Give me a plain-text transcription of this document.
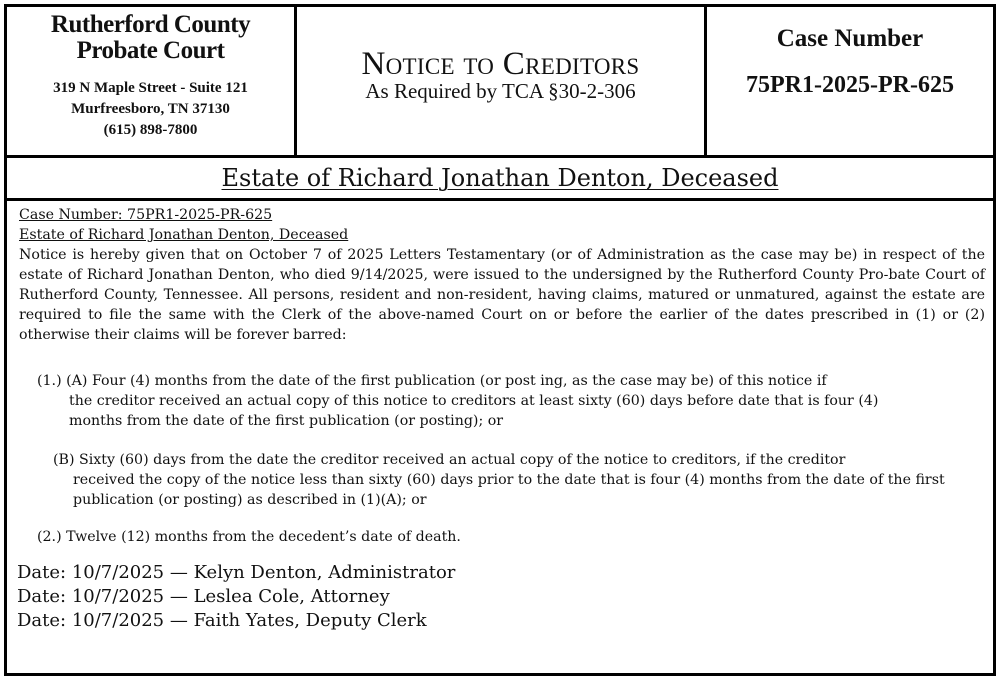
Rutherford County
Probate Court
319 N Maple Street - Suite 121
Murfreesboro, TN 37130
(615) 898-7800
Notice to Creditors
As Required by TCA §30-2-306
Case Number
75PR1-2025-PR-625
Estate of Richard Jonathan Denton, Deceased
Case Number: 75PR1-2025-PR-625
Estate of Richard Jonathan Denton, Deceased

Notice is hereby given that on October 7 of 2025 Letters Testamentary (or of Administration as the case may be) in respect of the estate of Richard Jonathan Denton, who died 9/14/2025, were issued to the undersigned by the Rutherford County Pro-bate Court of Rutherford County, Tennessee. All persons, resident and non-resident, having claims, matured or unmatured, against the estate are required to file the same with the Clerk of the above-named Court on or before the earlier of the dates prescribed in (1) or (2) otherwise their claims will be forever barred:

(1.) (A) Four (4) months from the date of the first publication (or post ing, as the case may be) of this notice if
the creditor received an actual copy of this notice to creditors at least sixty (60) days before date that is four (4) months from the date of the first publication (or posting); or
(B) Sixty (60) days from the date the creditor received an actual copy of the notice to creditors, if the creditor
received the copy of the notice less than sixty (60) days prior to the date that is four (4) months from the date of the first publication (or posting) as described in (1)(A); or
(2.) Twelve (12) months from the decedent’s date of death.
Date: 10/7/2025 — Kelyn Denton, Administrator
Date: 10/7/2025 — Leslea Cole, Attorney
Date: 10/7/2025 — Faith Yates, Deputy Clerk
